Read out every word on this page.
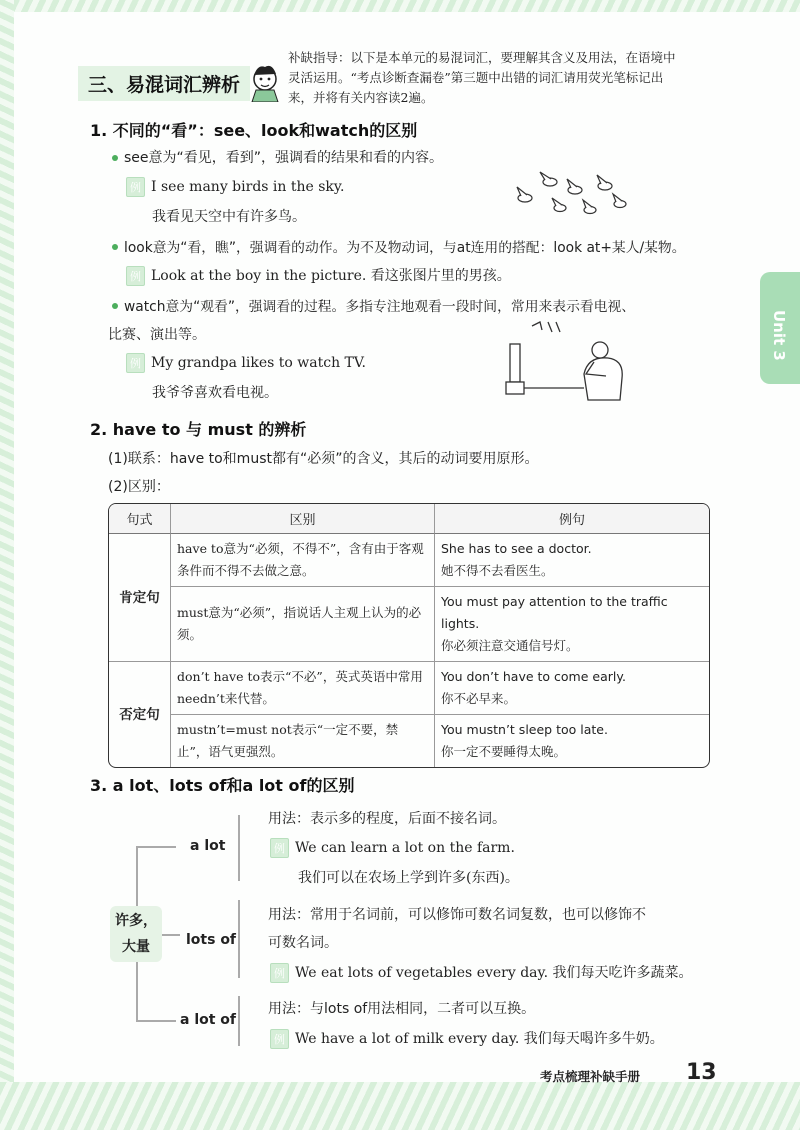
Unit 3
三、易混词汇辨析
补缺指导：以下是本单元的易混词汇，要理解其含义及用法，在语境中
灵活运用。“考点诊断查漏卷”第三题中出错的词汇请用荧光笔标记出
来，并将有关内容读2遍。
1. 不同的“看”：see、look和watch的区别
see意为“看见，看到”，强调看的结果和看的内容。
例 I see many birds in the sky.
我看见天空中有许多鸟。
look意为“看，瞧”，强调看的动作。为不及物动词，与at连用的搭配：look at+某人/某物。
例 Look at the boy in the picture. 看这张图片里的男孩。
watch意为“观看”，强调看的过程。多指专注地观看一段时间，常用来表示看电视、
比赛、演出等。
例 My grandpa likes to watch TV.
我爷爷喜欢看电视。
2. have to 与 must 的辨析
(1)联系：have to和must都有“必须”的含义，其后的动词要用原形。
(2)区别：
句式	区别	例句
肯定句	have to意为“必须，不得不”，含有由于客观条件而不得不去做之意。	She has to see a doctor.
她不得不去看医生。

	must意为“必须”，指说话人主观上认为的必须。	You must pay attention to the traffic lights.
你必须注意交通信号灯。

否定句	don’t have to表示“不必”，英式英语中常用needn’t来代替。	You don’t have to come early.
你不必早来。

	mustn’t=must not表示“一定不要，禁止”，语气更强烈。	You mustn’t sleep too late.
你一定不要睡得太晚。
3. a lot、lots of和a lot of的区别
许多，
大量
a lot
用法：表示多的程度，后面不接名词。
例 We can learn a lot on the farm.
我们可以在农场上学到许多(东西)。
lots of
用法：常用于名词前，可以修饰可数名词复数，也可以修饰不
可数名词。
例 We eat lots of vegetables every day. 我们每天吃许多蔬菜。
a lot of
用法：与lots of用法相同，二者可以互换。
例 We have a lot of milk every day. 我们每天喝许多牛奶。
考点梳理补缺手册 13
